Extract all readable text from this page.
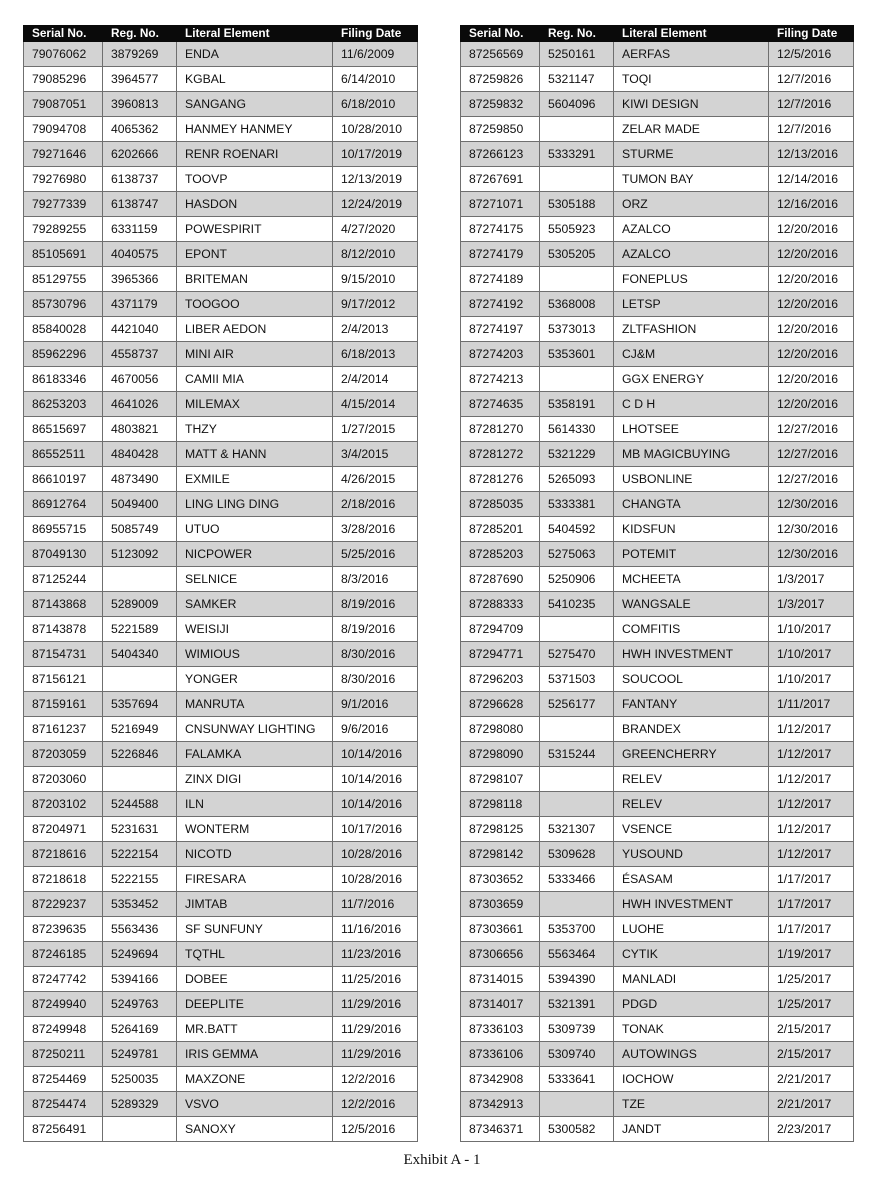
Serial No.	Reg. No.	Literal Element	Filing Date
79076062	3879269	ENDA	11/6/2009
79085296	3964577	KGBAL	6/14/2010
79087051	3960813	SANGANG	6/18/2010
79094708	4065362	HANMEY HANMEY	10/28/2010
79271646	6202666	RENR ROENARI	10/17/2019
79276980	6138737	TOOVP	12/13/2019
79277339	6138747	HASDON	12/24/2019
79289255	6331159	POWESPIRIT	4/27/2020
85105691	4040575	EPONT	8/12/2010
85129755	3965366	BRITEMAN	9/15/2010
85730796	4371179	TOOGOO	9/17/2012
85840028	4421040	LIBER AEDON	2/4/2013
85962296	4558737	MINI AIR	6/18/2013
86183346	4670056	CAMII MIA	2/4/2014
86253203	4641026	MILEMAX	4/15/2014
86515697	4803821	THZY	1/27/2015
86552511	4840428	MATT & HANN	3/4/2015
86610197	4873490	EXMILE	4/26/2015
86912764	5049400	LING LING DING	2/18/2016
86955715	5085749	UTUO	3/28/2016
87049130	5123092	NICPOWER	5/25/2016
87125244		SELNICE	8/3/2016
87143868	5289009	SAMKER	8/19/2016
87143878	5221589	WEISIJI	8/19/2016
87154731	5404340	WIMIOUS	8/30/2016
87156121		YONGER	8/30/2016
87159161	5357694	MANRUTA	9/1/2016
87161237	5216949	CNSUNWAY LIGHTING	9/6/2016
87203059	5226846	FALAMKA	10/14/2016
87203060		ZINX DIGI	10/14/2016
87203102	5244588	ILN	10/14/2016
87204971	5231631	WONTERM	10/17/2016
87218616	5222154	NICOTD	10/28/2016
87218618	5222155	FIRESARA	10/28/2016
87229237	5353452	JIMTAB	11/7/2016
87239635	5563436	SF SUNFUNY	11/16/2016
87246185	5249694	TQTHL	11/23/2016
87247742	5394166	DOBEE	11/25/2016
87249940	5249763	DEEPLITE	11/29/2016
87249948	5264169	MR.BATT	11/29/2016
87250211	5249781	IRIS GEMMA	11/29/2016
87254469	5250035	MAXZONE	12/2/2016
87254474	5289329	VSVO	12/2/2016
87256491		SANOXY	12/5/2016
Serial No.	Reg. No.	Literal Element	Filing Date
87256569	5250161	AERFAS	12/5/2016
87259826	5321147	TOQI	12/7/2016
87259832	5604096	KIWI DESIGN	12/7/2016
87259850		ZELAR MADE	12/7/2016
87266123	5333291	STURME	12/13/2016
87267691		TUMON BAY	12/14/2016
87271071	5305188	ORZ	12/16/2016
87274175	5505923	AZALCO	12/20/2016
87274179	5305205	AZALCO	12/20/2016
87274189		FONEPLUS	12/20/2016
87274192	5368008	LETSP	12/20/2016
87274197	5373013	ZLTFASHION	12/20/2016
87274203	5353601	CJ&M	12/20/2016
87274213		GGX ENERGY	12/20/2016
87274635	5358191	C D H	12/20/2016
87281270	5614330	LHOTSEE	12/27/2016
87281272	5321229	MB MAGICBUYING	12/27/2016
87281276	5265093	USBONLINE	12/27/2016
87285035	5333381	CHANGTA	12/30/2016
87285201	5404592	KIDSFUN	12/30/2016
87285203	5275063	POTEMIT	12/30/2016
87287690	5250906	MCHEETA	1/3/2017
87288333	5410235	WANGSALE	1/3/2017
87294709		COMFITIS	1/10/2017
87294771	5275470	HWH INVESTMENT	1/10/2017
87296203	5371503	SOUCOOL	1/10/2017
87296628	5256177	FANTANY	1/11/2017
87298080		BRANDEX	1/12/2017
87298090	5315244	GREENCHERRY	1/12/2017
87298107		RELEV	1/12/2017
87298118		RELEV	1/12/2017
87298125	5321307	VSENCE	1/12/2017
87298142	5309628	YUSOUND	1/12/2017
87303652	5333466	ÉSASAM	1/17/2017
87303659		HWH INVESTMENT	1/17/2017
87303661	5353700	LUOHE	1/17/2017
87306656	5563464	CYTIK	1/19/2017
87314015	5394390	MANLADI	1/25/2017
87314017	5321391	PDGD	1/25/2017
87336103	5309739	TONAK	2/15/2017
87336106	5309740	AUTOWINGS	2/15/2017
87342908	5333641	IOCHOW	2/21/2017
87342913		TZE	2/21/2017
87346371	5300582	JANDT	2/23/2017
Exhibit A - 1
